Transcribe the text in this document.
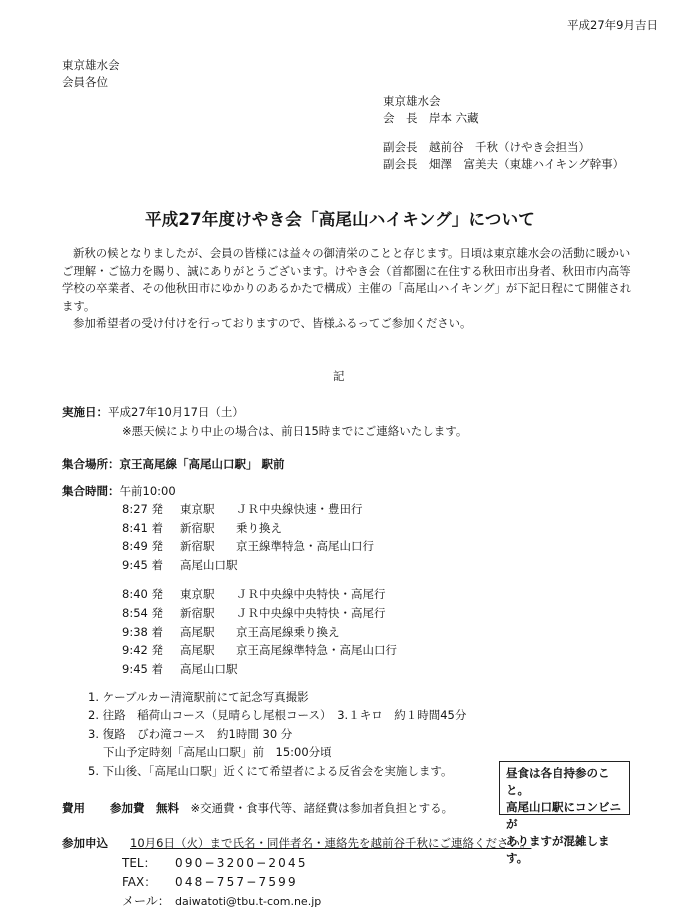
平成27年9月吉日
東京雄水会
会員各位
東京雄水会
会　長　岸本 六藏
副会長　越前谷　千秋（けやき会担当）
副会長　畑澤　富美夫（東雄ハイキング幹事）
平成27年度けやき会「高尾山ハイキング」について

新秋の候となりましたが、会員の皆様には益々の御清栄のことと存じます。日頃は東京雄水会の活動に暖かいご理解・ご協力を賜り、誠にありがとうございます。けやき会（首都圏に在住する秋田市出身者、秋田市内高等学校の卒業者、その他秋田市にゆかりのあるかたで構成）主催の「高尾山ハイキング」が下記日程にて開催されます。

参加希望者の受け付けを行っておりますので、皆様ふるってご参加ください。

記
実施日：平成27年10月17日（土）
※悪天候により中止の場合は、前日15時までにご連絡いたします。
集合場所：京王高尾線「高尾山口駅」 駅前
集合時間：午前10:00
8:27 発	東京駅	ＪＲ中央線快速・豊田行
8:41 着	新宿駅	乗り換え
8:49 発	新宿駅	京王線準特急・高尾山口行
9:45 着	高尾山口駅
8:40 発	東京駅	ＪＲ中央線中央特快・高尾行
8:54 発	新宿駅	ＪＲ中央線中央特快・高尾行
9:38 着	高尾駅	京王高尾線乗り換え
9:42 発	高尾駅	京王高尾線準特急・高尾山口行
9:45 着	高尾山口駅
1. ケーブルカー清滝駅前にて記念写真撮影
2. 往路　稲荷山コース（見晴らし尾根コース）　3.１キロ　約１時間45分
3. 復路　びわ滝コース　約1時間 30 分
下山予定時刻「高尾山口駅」前　15:00分頃
5. 下山後、「高尾山口駅」近くにて希望者による反省会を実施します。	昼食は各自持参のこと。
高尾山口駅にコンビニが
ありますが混雑します。
費用 参加費　 無料　 ※交通費・食事代等、諸経費は参加者負担とする。
参加申込 10月6日（火）まで氏名・同伴者名・連絡先を越前谷千秋にご連絡ください。
TEL：	090−3200−2045
FAX：	048−757−7599
メール： daiwatoti@tbu.t-com.ne.jp
